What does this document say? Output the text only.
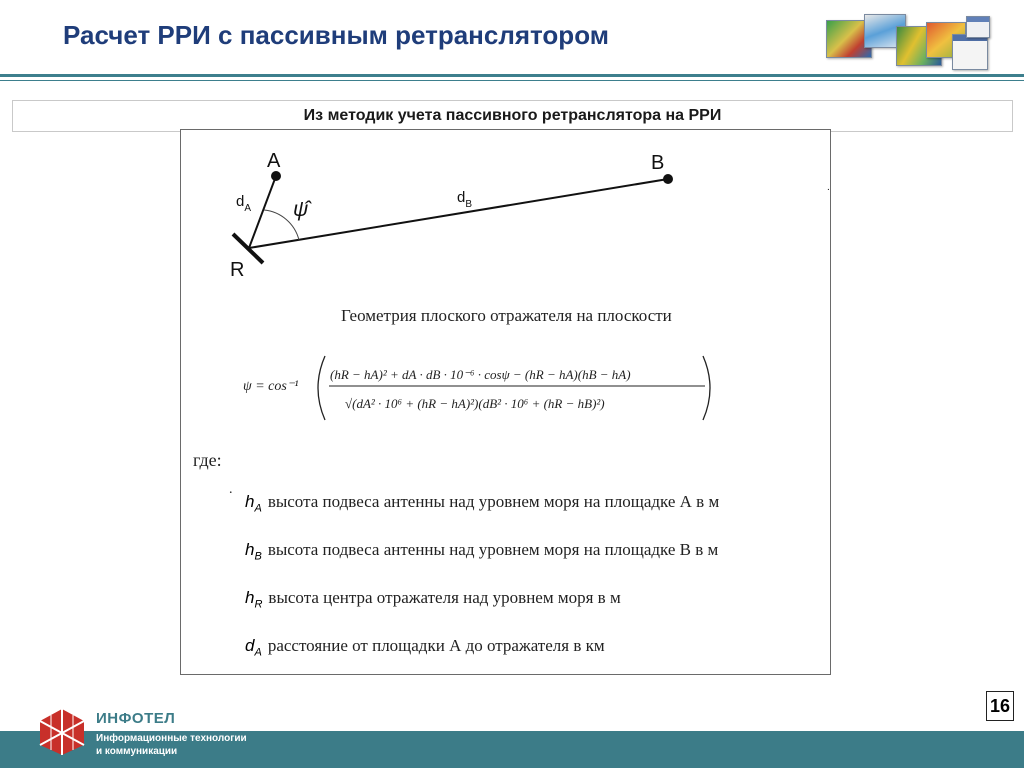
Расчет РРИ с пассивным ретранслятором
Из методик учета пассивного ретранслятора на РРИ
A	B
R
$d_A$
$d_B$
ψ̂
.
ψ = cos⁻¹
(hR − hA)² + dA · dB · 10⁻⁶ · cosψ − (hR − hA)(hB − hA)
√(dA² · 10⁶ + (hR − hA)²)(dB² · 10⁶ + (hR − hB)²)
Геометрия плоского отражателя на плоскости
где:
.
$h_A$ высота подвеса антенны над уровнем моря на площадке А в м
$h_B$ высота подвеса антенны над уровнем моря на площадке В в м
$h_R$ высота центра отражателя над уровнем моря в м
$d_A$ расстояние от площадки А до отражателя в км
16
ИНФОТЕЛ
Информационные технологии
и коммуникации
